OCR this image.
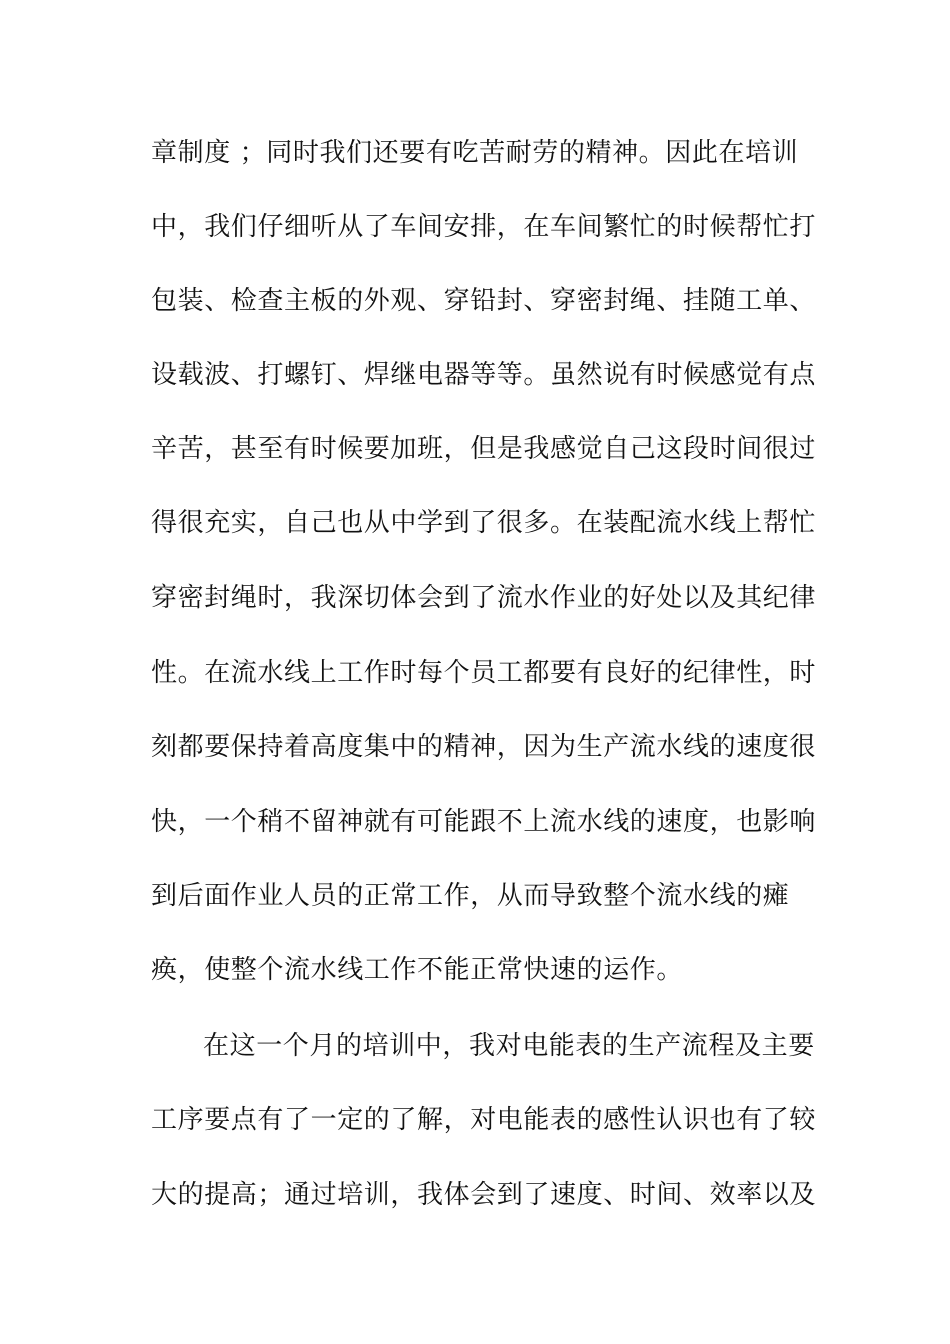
章制度 ；同时我们还要有吃苦耐劳的精神。因此在培训
中，我们仔细听从了车间安排，在车间繁忙的时候帮忙打
包装、检查主板的外观、穿铅封、穿密封绳、挂随工单、
设载波、打螺钉、焊继电器等等。虽然说有时候感觉有点
辛苦，甚至有时候要加班，但是我感觉自己这段时间很过
得很充实，自己也从中学到了很多。在装配流水线上帮忙
穿密封绳时，我深切体会到了流水作业的好处以及其纪律
性。在流水线上工作时每个员工都要有良好的纪律性，时
刻都要保持着高度集中的精神，因为生产流水线的速度很
快，一个稍不留神就有可能跟不上流水线的速度，也影响
到后面作业人员的正常工作，从而导致整个流水线的瘫
痪，使整个流水线工作不能正常快速的运作。
在这一个月的培训中，我对电能表的生产流程及主要
工序要点有了一定的了解，对电能表的感性认识也有了较
大的提高；通过培训，我体会到了速度、时间、效率以及
